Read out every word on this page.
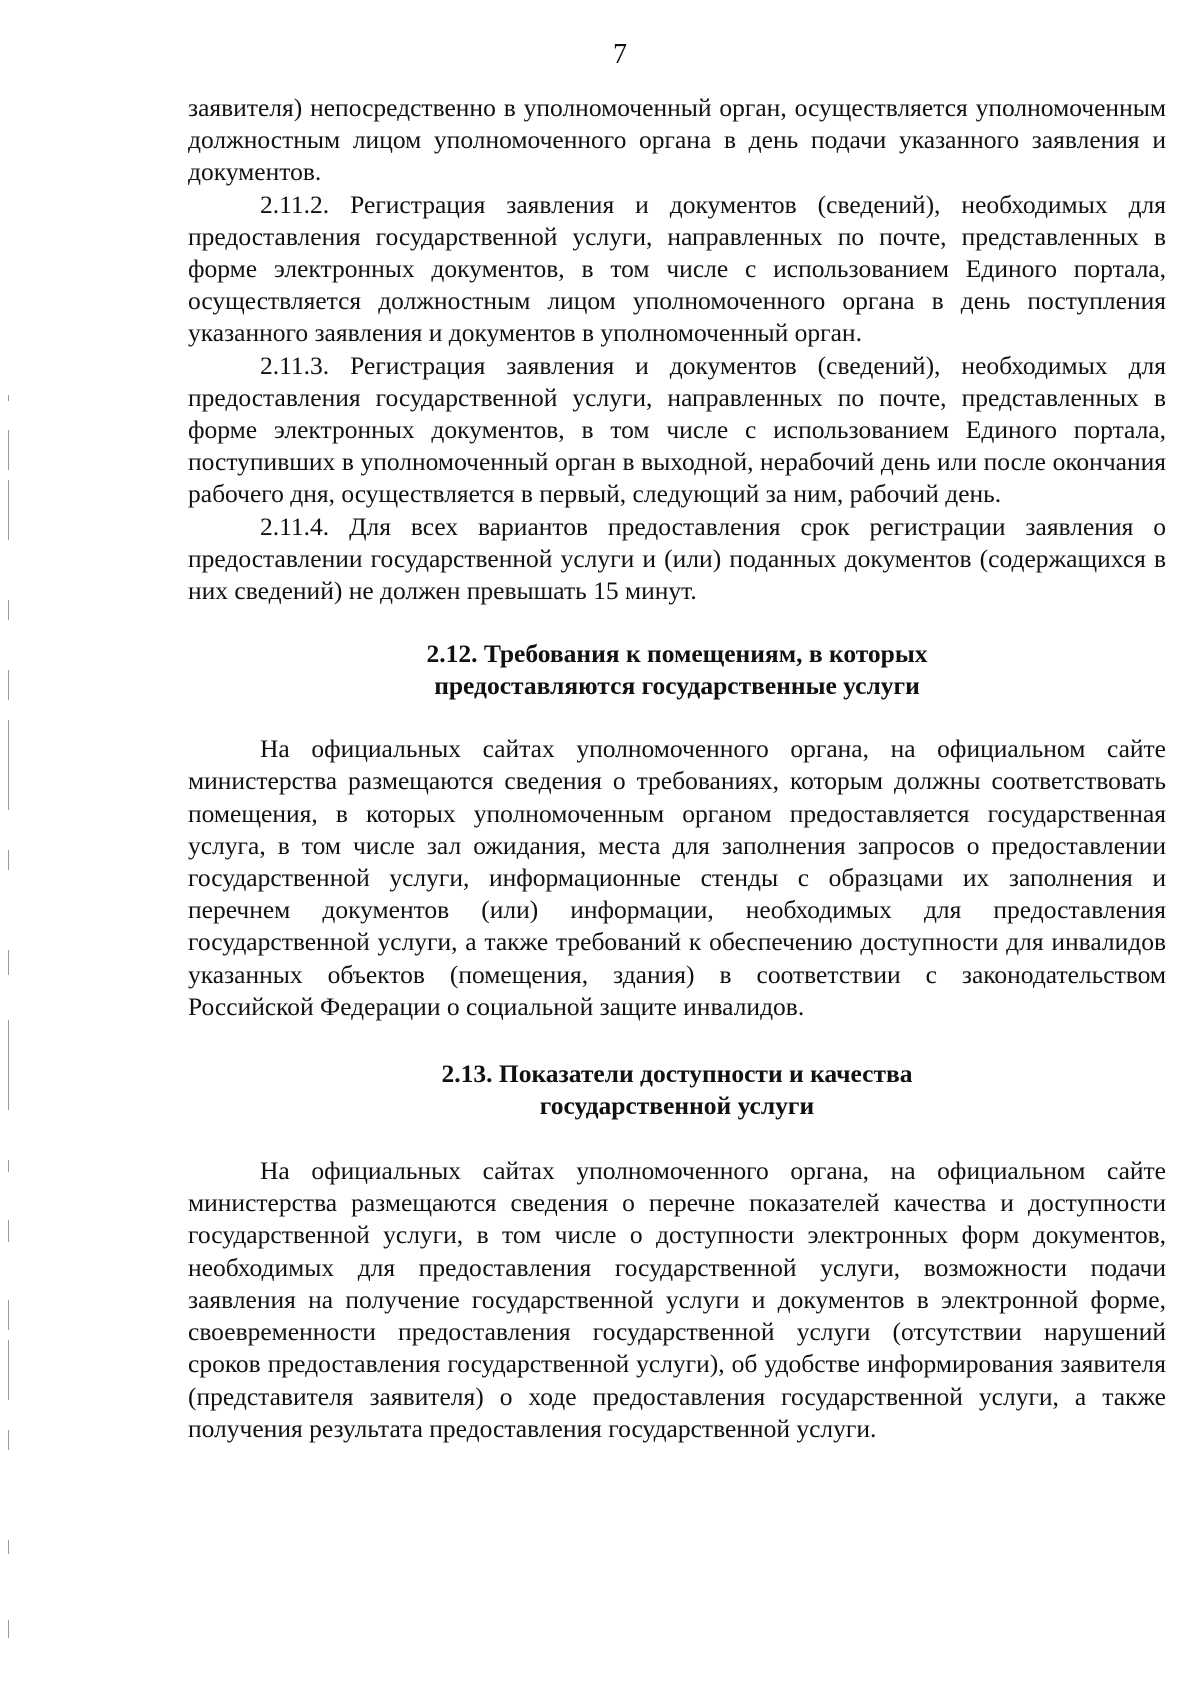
7

заявителя) непосредственно в уполномоченный орган, осуществляется уполномоченным должностным лицом уполномоченного органа в день подачи указанного заявления и документов.

2.11.2. Регистрация заявления и документов (сведений), необходимых для предоставления государственной услуги, направленных по почте, представленных в форме электронных документов, в том числе с использованием Единого портала, осуществляется должностным лицом уполномоченного органа в день поступления указанного заявления и документов в уполномоченный орган.

2.11.3. Регистрация заявления и документов (сведений), необходимых для предоставления государственной услуги, направленных по почте, представленных в форме электронных документов, в том числе с использованием Единого портала, поступивших в уполномоченный орган в выходной, нерабочий день или после окончания рабочего дня, осуществляется в первый, следующий за ним, рабочий день.

2.11.4. Для всех вариантов предоставления срок регистрации заявления о предоставлении государственной услуги и (или) поданных документов (содержащихся в них сведений) не должен превышать 15 минут.

2.12. Требования к помещениям, в которых
предоставляются государственные услуги

На официальных сайтах уполномоченного органа, на официальном сайте министерства размещаются сведения о требованиях, которым должны соответствовать помещения, в которых уполномоченным органом предоставляется государственная услуга, в том числе зал ожидания, места для заполнения запросов о предоставлении государственной услуги, информационные стенды с образцами их заполнения и перечнем документов (или) информации, необходимых для предоставления государственной услуги, а также требований к обеспечению доступности для инвалидов указанных объектов (помещения, здания) в соответствии с законодательством Российской Федерации о социальной защите инвалидов.

2.13. Показатели доступности и качества
государственной услуги

На официальных сайтах уполномоченного органа, на официальном сайте министерства размещаются сведения о перечне показателей качества и доступности государственной услуги, в том числе о доступности электронных форм документов, необходимых для предоставления государственной услуги, возможности подачи заявления на получение государственной услуги и документов в электронной форме, своевременности предоставления государственной услуги (отсутствии нарушений сроков предоставления государственной услуги), об удобстве информирования заявителя (представителя заявителя) о ходе предоставления государственной услуги, а также получения результата предоставления государственной услуги.
